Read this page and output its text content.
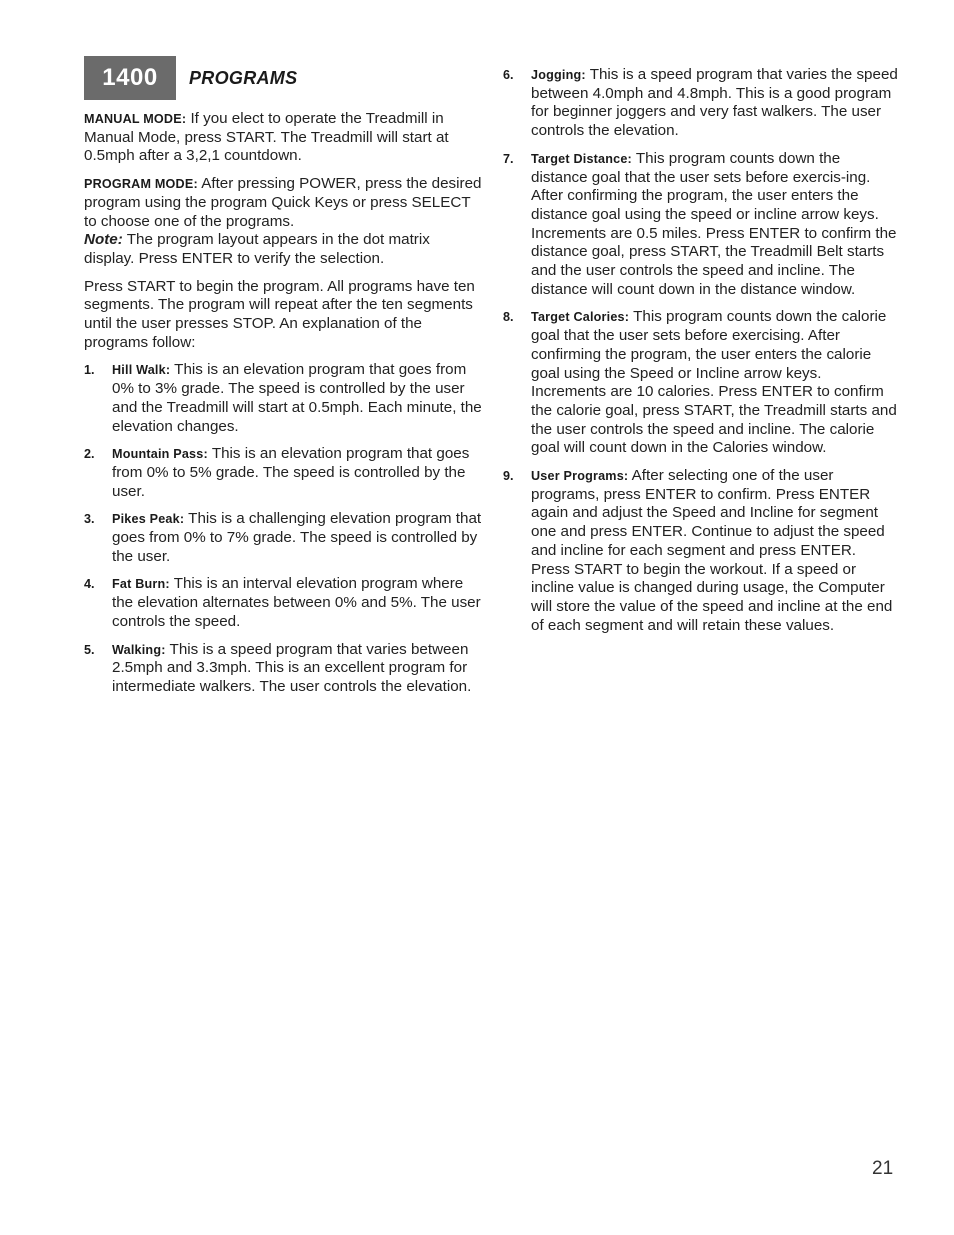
1400	PROGRAMS

MANUAL MODE: If you elect to operate the Treadmill in Manual Mode, press START. The Treadmill will start at 0.5mph after a 3,2,1 countdown.

PROGRAM MODE: After pressing POWER, press the desired program using the program Quick Keys or press SELECT to choose one of the programs.
Note: The program layout appears in the dot matrix display. Press ENTER to verify the selection.

Press START to begin the program. All programs have ten segments. The program will repeat after the ten segments until the user presses STOP. An explanation of the programs follow:

1.	Hill Walk: This is an elevation program that goes from 0% to 3% grade. The speed is controlled by the user and the Treadmill will start at 0.5mph. Each minute, the elevation changes.
2.	Mountain Pass: This is an elevation program that goes from 0% to 5% grade. The speed is controlled by the user.
3.	Pikes Peak: This is a challenging elevation program that goes from 0% to 7% grade. The speed is controlled by the user.
4.	Fat Burn: This is an interval elevation program where the elevation alternates between 0% and 5%. The user controls the speed.
5.	Walking: This is a speed program that varies between 2.5mph and 3.3mph. This is an excellent program for intermediate walkers. The user controls the elevation.
6.	Jogging: This is a speed program that varies the speed between 4.0mph and 4.8mph. This is a good program for beginner joggers and very fast walkers. The user controls the elevation.
7.	Target Distance: This program counts down the distance goal that the user sets before exercis-ing. After confirming the program, the user enters the distance goal using the speed or incline arrow keys. Increments are 0.5 miles. Press ENTER to confirm the distance goal, press START, the Treadmill Belt starts and the user controls the speed and incline. The distance will count down in the distance window.
8.	Target Calories: This program counts down the calorie goal that the user sets before exercising. After confirming the program, the user enters the calorie goal using the Speed or Incline arrow keys. Increments are 10 calories. Press ENTER to confirm the calorie goal, press START, the Treadmill starts and the user controls the speed and incline. The calorie goal will count down in the Calories window.
9.	User Programs: After selecting one of the user programs, press ENTER to confirm. Press ENTER again and adjust the Speed and Incline for segment one and press ENTER. Continue to adjust the speed and incline for each segment and press ENTER. Press START to begin the workout. If a speed or incline value is changed during usage, the Computer will store the value of the speed and incline at the end of each segment and will retain these values.
21
